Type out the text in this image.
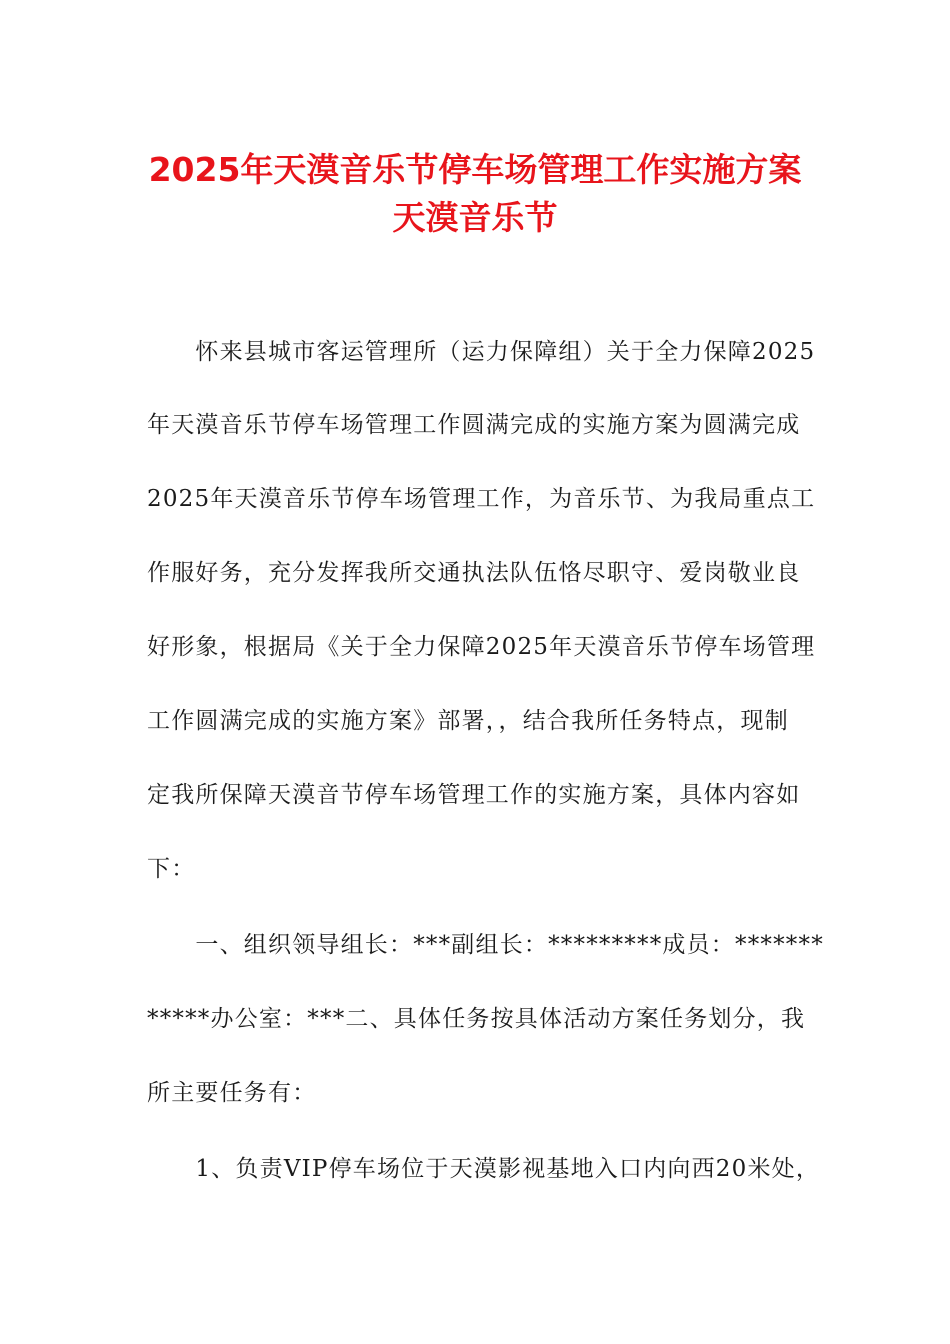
2025年天漠音乐节停车场管理工作实施方案
天漠音乐节
　　怀来县城市客运管理所（运力保障组）关于全力保障2025
年天漠音乐节停车场管理工作圆满完成的实施方案为圆满完成
2025年天漠音乐节停车场管理工作，为音乐节、为我局重点工
作服好务，充分发挥我所交通执法队伍恪尽职守、爱岗敬业良
好形象，根据局《关于全力保障2025年天漠音乐节停车场管理
工作圆满完成的实施方案》部署，，结合我所任务特点，现制
定我所保障天漠音节停车场管理工作的实施方案，具体内容如
下：
　　一、组织领导组长：***副组长：*********成员：*******
*****办公室：***二、具体任务按具体活动方案任务划分，我
所主要任务有：
　　1、负责VIP停车场位于天漠影视基地入口内向西20米处，
